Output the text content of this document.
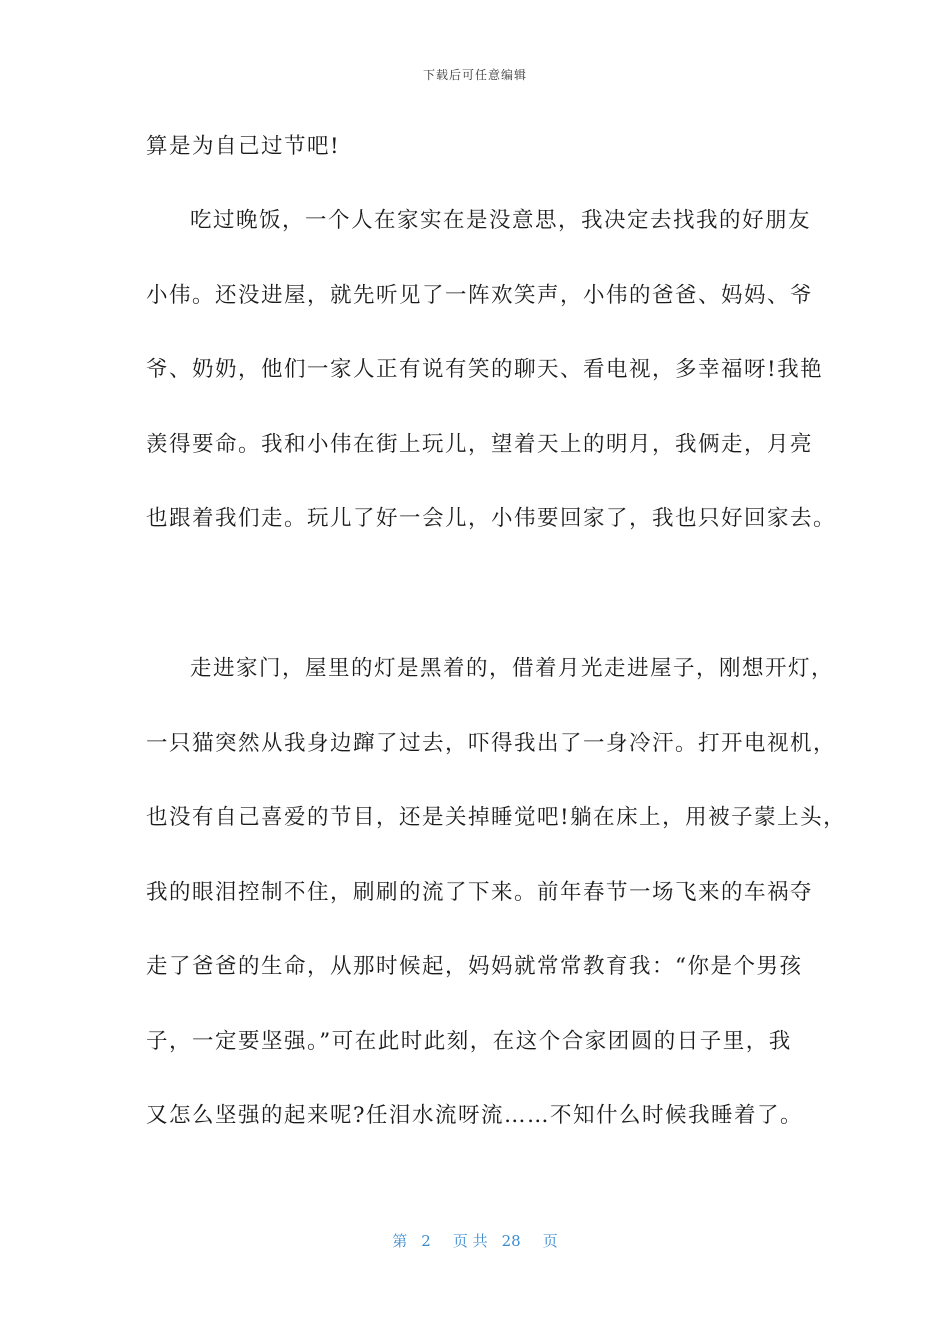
下载后可任意编辑
算是为自己过节吧!
吃过晚饭，一个人在家实在是没意思，我决定去找我的好朋友
小伟。还没进屋，就先听见了一阵欢笑声，小伟的爸爸、妈妈、爷
爷、奶奶，他们一家人正有说有笑的聊天、看电视，多幸福呀!我艳
羡得要命。我和小伟在街上玩儿，望着天上的明月，我俩走，月亮
也跟着我们走。玩儿了好一会儿，小伟要回家了，我也只好回家去。
走进家门，屋里的灯是黑着的，借着月光走进屋子，刚想开灯，
一只猫突然从我身边蹿了过去，吓得我出了一身冷汗。打开电视机，
也没有自己喜爱的节目，还是关掉睡觉吧!躺在床上，用被子蒙上头，
我的眼泪控制不住，刷刷的流了下来。前年春节一场飞来的车祸夺
走了爸爸的生命，从那时候起，妈妈就常常教育我：“你是个男孩
子，一定要坚强。”可在此时此刻，在这个合家团圆的日子里，我
又怎么坚强的起来呢?任泪水流呀流……不知什么时候我睡着了。
第 2 页 共 28 页
